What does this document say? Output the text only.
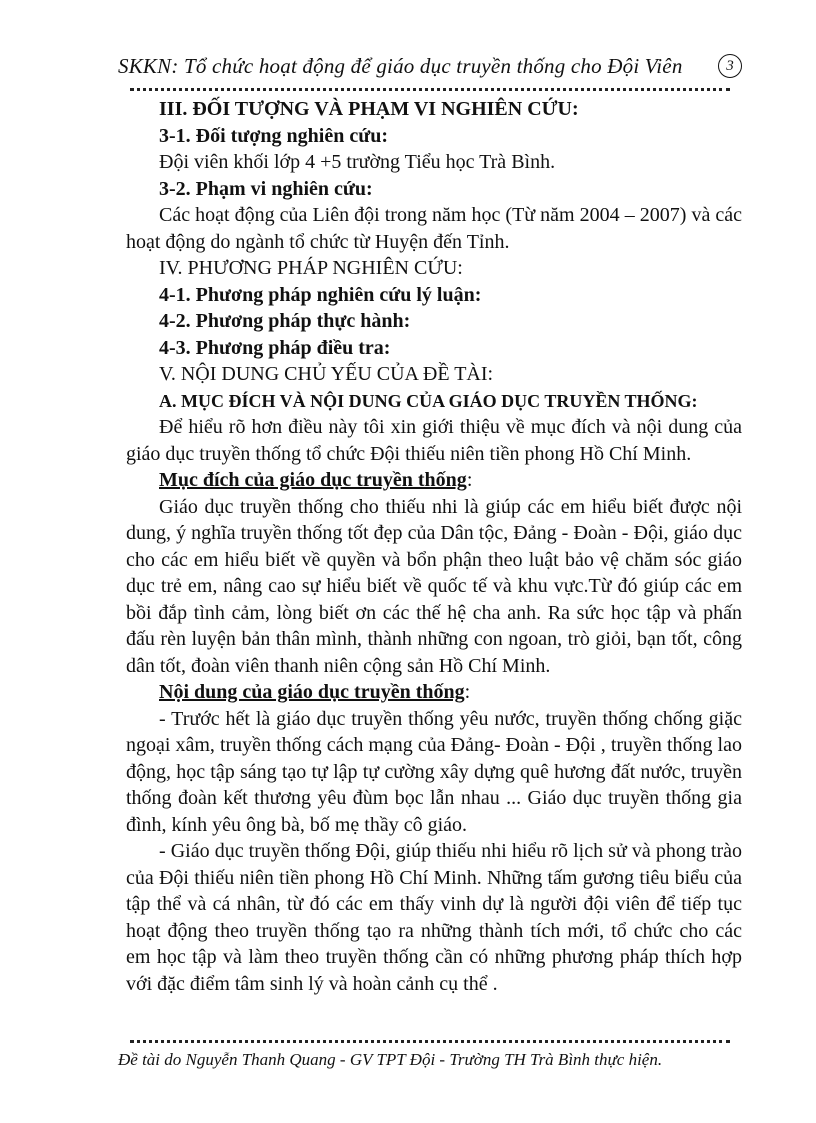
SKKN: Tổ chức hoạt động để giáo dục truyền thống cho Đội Viên	3

III. ĐỐI TƯỢNG VÀ PHẠM VI NGHIÊN CỨU:

3-1. Đối tượng nghiên cứu:

Đội viên khối lớp 4 +5 trường Tiểu học Trà Bình.

3-2. Phạm vi nghiên cứu:

Các hoạt động của Liên đội trong năm học (Từ năm 2004 – 2007) và các hoạt động do ngành tổ chức từ Huyện đến Tỉnh.

IV. PHƯƠNG PHÁP NGHIÊN CỨU:

4-1. Phương pháp nghiên cứu lý luận:

4-2. Phương pháp thực hành:

4-3. Phương pháp điều tra:

V. NỘI DUNG CHỦ YẾU CỦA ĐỀ TÀI:

A. MỤC ĐÍCH VÀ NỘI DUNG CỦA GIÁO DỤC TRUYỀN THỐNG:

Để hiểu rõ hơn điều này tôi xin giới thiệu về mục đích và nội dung của giáo dục truyền thống tổ chức Đội thiếu niên tiền phong Hồ Chí Minh.

Mục đích của giáo dục truyền thống:

Giáo dục truyền thống cho thiếu nhi là giúp các em hiểu biết được nội dung, ý nghĩa truyền thống tốt đẹp của Dân tộc, Đảng - Đoàn - Đội, giáo dục cho các em hiểu biết về quyền và bổn phận theo luật bảo vệ chăm sóc giáo dục trẻ em, nâng cao sự hiểu biết về quốc tế và khu vực.Từ đó giúp các em bồi đắp tình cảm, lòng biết ơn các thế hệ cha anh. Ra sức học tập và phấn đấu rèn luyện bản thân mình, thành những con ngoan, trò giỏi, bạn tốt, công dân tốt, đoàn viên thanh niên cộng sản Hồ Chí Minh.

Nội dung của giáo dục truyền thống:

- Trước hết là giáo dục truyền thống yêu nước, truyền thống chống giặc ngoại xâm, truyền thống cách mạng của Đảng- Đoàn - Đội , truyền thống lao động, học tập sáng tạo tự lập tự cường xây dựng quê hương đất nước, truyền thống đoàn kết thương yêu đùm bọc lẫn nhau ... Giáo dục truyền thống gia đình, kính yêu ông bà, bố mẹ thầy cô giáo.

- Giáo dục truyền thống Đội, giúp thiếu nhi hiểu rõ lịch sử và phong trào của Đội thiếu niên tiền phong Hồ Chí Minh. Những tấm gương tiêu biểu của tập thể và cá nhân, từ đó các em thấy vinh dự là người đội viên để tiếp tục hoạt động theo truyền thống tạo ra những thành tích mới, tổ chức cho các em học tập và làm theo truyền thống cần có những phương pháp thích hợp với đặc điểm tâm sinh lý và hoàn cảnh cụ thể .

Đề tài do Nguyễn Thanh Quang - GV TPT Đội - Trường TH Trà Bình thực hiện.
